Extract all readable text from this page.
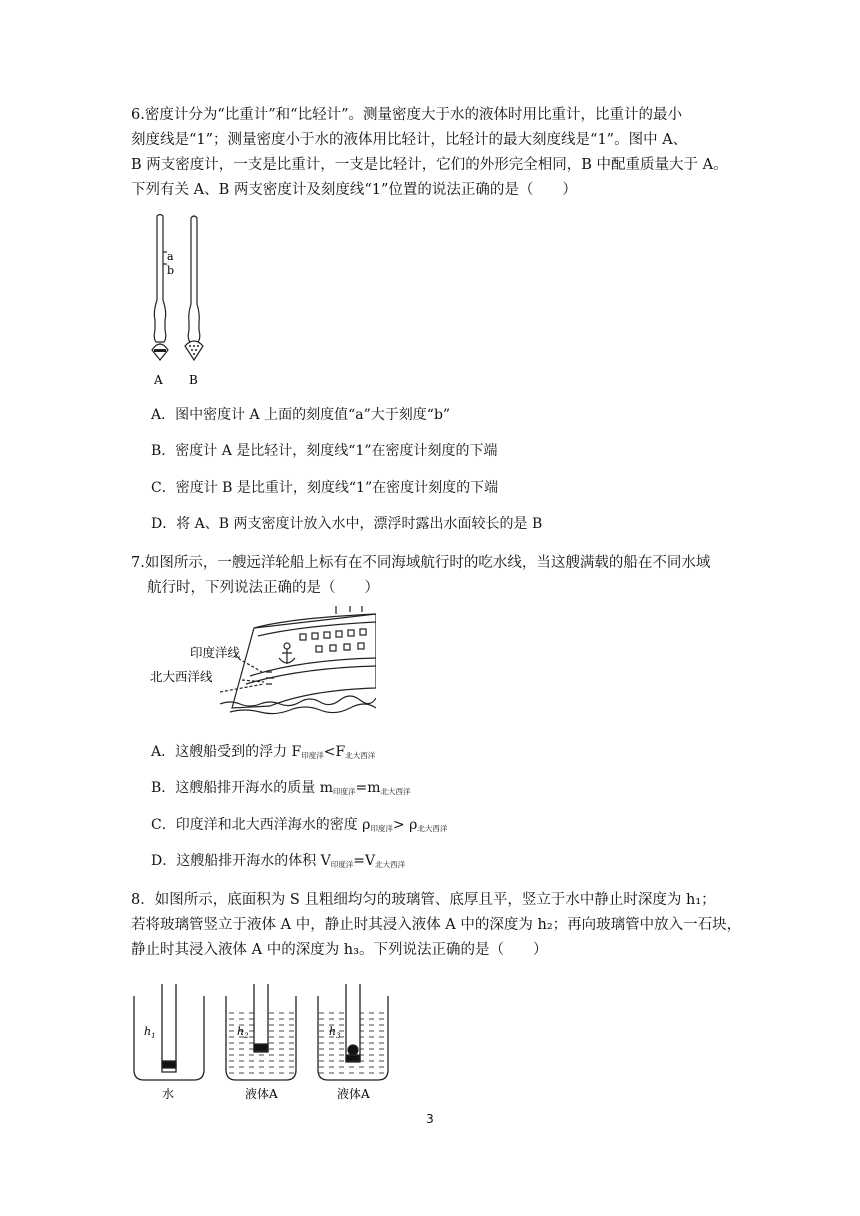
6.密度计分为“比重计”和“比轻计”。测量密度大于水的液体时用比重计，比重计的最小
刻度线是“1”；测量密度小于水的液体用比轻计，比轻计的最大刻度线是“1”。图中 A、
B 两支密度计，一支是比重计，一支是比轻计，它们的外形完全相同，B 中配重质量大于 A。
下列有关 A、B 两支密度计及刻度线“1”位置的说法正确的是（　　）
a
b
A B
A．图中密度计 A 上面的刻度值“a”大于刻度“b”
B．密度计 A 是比轻计，刻度线“1”在密度计刻度的下端
C．密度计 B 是比重计，刻度线“1”在密度计刻度的下端
D．将 A、B 两支密度计放入水中，漂浮时露出水面较长的是 B
7.如图所示，一艘远洋轮船上标有在不同海域航行时的吃水线，当这艘满载的船在不同水域
航行时，下列说法正确的是（　　）
印度洋线
北大西洋线
A．这艘船受到的浮力 $F_{印度洋}<F_{北大西洋}$
B．这艘船排开海水的质量 $m_{印度洋}=m_{北大西洋}$
C．印度洋和北大西洋海水的密度 $\rho_{印度洋}> \rho_{北大西洋}$
D．这艘船排开海水的体积 $V_{印度洋}=V_{北大西洋}$
8．如图所示，底面积为 S 且粗细均匀的玻璃管、底厚且平，竖立于水中静止时深度为 h₁；
若将玻璃管竖立于液体 A 中，静止时其浸入液体 A 中的深度为 h₂；再向玻璃管中放入一石块，
静止时其浸入液体 A 中的深度为 h₃。下列说法正确的是（　　）
$h_1$	$h_2$	$h_3$
水	液体A	液体A
3
